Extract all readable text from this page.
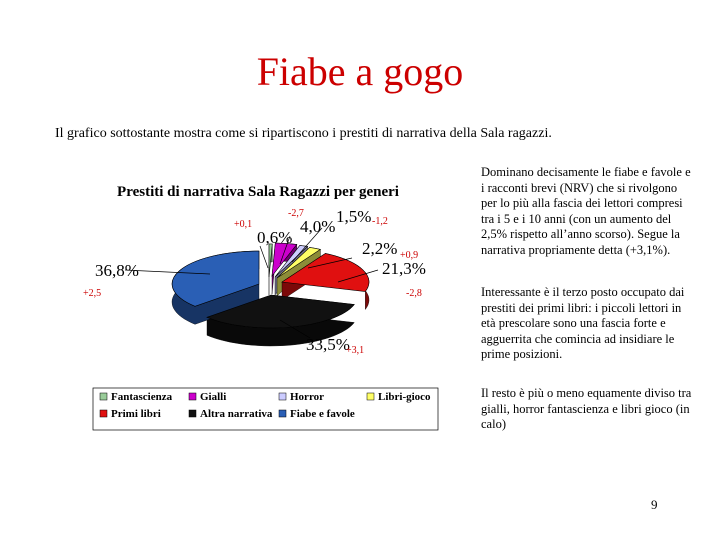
Fiabe a gogo
Il grafico sottostante mostra come si ripartiscono i prestiti di narrativa della Sala ragazzi.
Prestiti di narrativa Sala Ragazzi per generi
0,6%
+0,1	4,0%
-2,7 1,5% -1,2
2,2% +0,9
21,3%
-2,8
33,5%
+3,1
36,8%
+2,5
Fantascienza	Gialli	Horror	Libri-gioco
Primi libri	Altra narrativa Fiabe e favole
Dominano decisamente le fiabe e favole e i racconti brevi (NRV) che si rivolgono per lo più alla fascia dei lettori compresi tra i 5 e i 10 anni (con un aumento del 2,5% rispetto all’anno scorso). Segue la narrativa propriamente detta (+3,1%).
Interessante è il terzo posto occupato dai prestiti dei primi libri: i piccoli lettori in età prescolare sono una fascia forte e agguerrita che comincia ad insidiare le prime posizioni.
Il resto è più o meno equamente diviso tra gialli, horror fantascienza e libri gioco (in calo)
9
